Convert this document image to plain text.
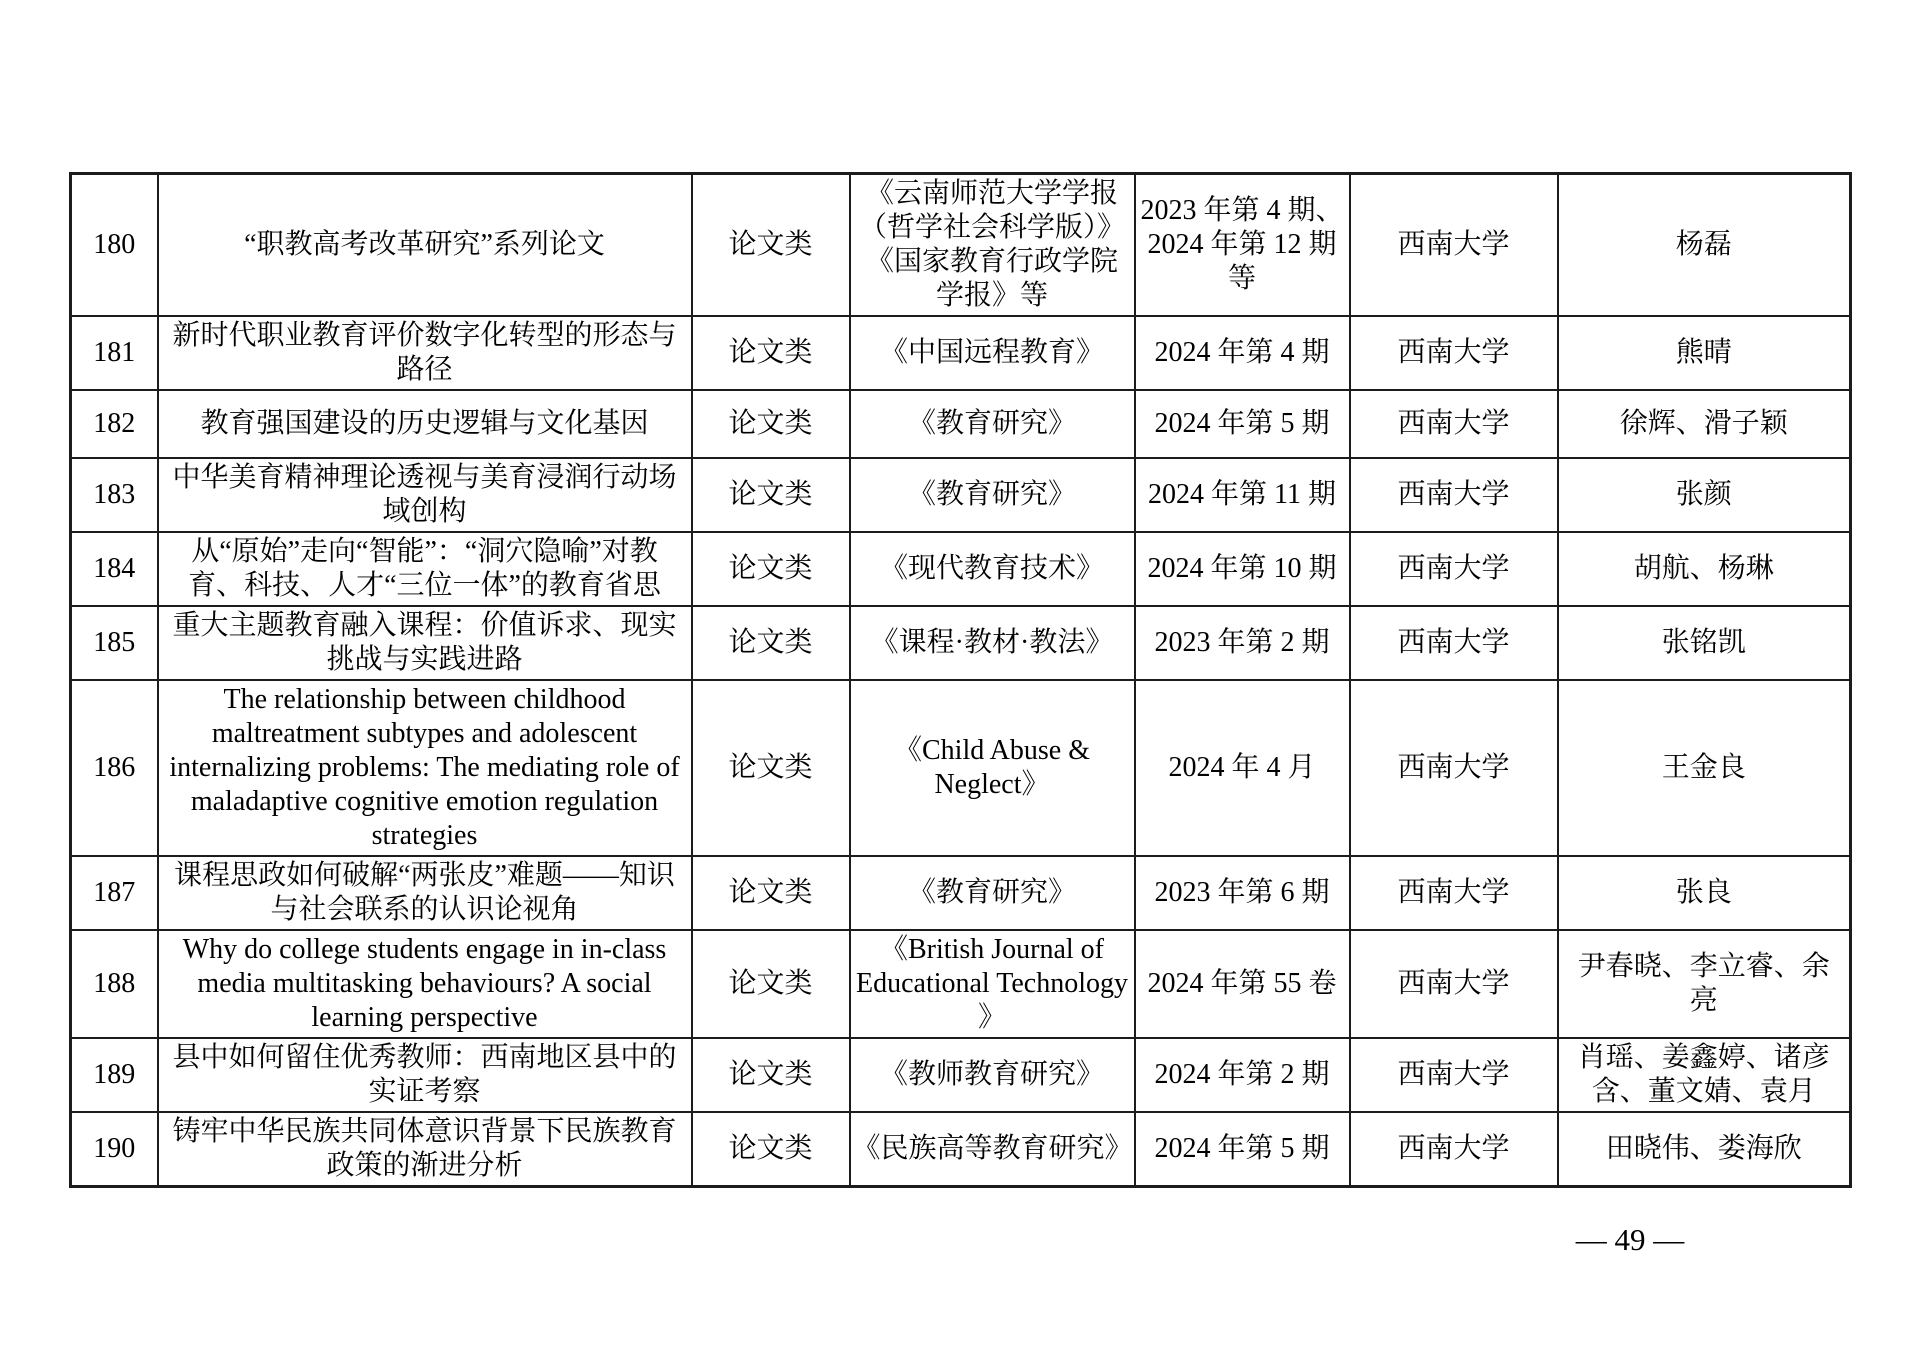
180	“职教高考改革研究”系列论文	论文类	《云南师范大学学报（哲学社会科学版）》《国家教育行政学院学报》等	2023 年第 4 期、2024 年第 12 期等	西南大学	杨磊
181	新时代职业教育评价数字化转型的形态与路径	论文类	《中国远程教育》	2024 年第 4 期	西南大学	熊晴
182	教育强国建设的历史逻辑与文化基因	论文类	《教育研究》	2024 年第 5 期	西南大学	徐辉、滑子颖
183	中华美育精神理论透视与美育浸润行动场域创构	论文类	《教育研究》	2024 年第 11 期	西南大学	张颜
184	从“原始”走向“智能”：“洞穴隐喻”对教育、科技、人才“三位一体”的教育省思	论文类	《现代教育技术》	2024 年第 10 期	西南大学	胡航、杨琳
185	重大主题教育融入课程：价值诉求、现实挑战与实践进路	论文类	《课程·教材·教法》	2023 年第 2 期	西南大学	张铭凯
186	The relationship between childhood maltreatment subtypes and adolescent internalizing problems: The mediating role of maladaptive cognitive emotion regulation strategies	论文类	《Child Abuse & Neglect》	2024 年 4 月	西南大学	王金良
187	课程思政如何破解“两张皮”难题——知识与社会联系的认识论视角	论文类	《教育研究》	2023 年第 6 期	西南大学	张良
188	Why do college students engage in in-class media multitasking behaviours? A social learning perspective	论文类	《British Journal of Educational Technology 》	2024 年第 55 卷	西南大学	尹春晓、李立睿、余亮
189	县中如何留住优秀教师：西南地区县中的实证考察	论文类	《教师教育研究》	2024 年第 2 期	西南大学	肖瑶、姜鑫婷、诸彦含、董文婧、袁月
190	铸牢中华民族共同体意识背景下民族教育政策的渐进分析	论文类	《民族高等教育研究》	2024 年第 5 期	西南大学	田晓伟、娄海欣
— 49 —
